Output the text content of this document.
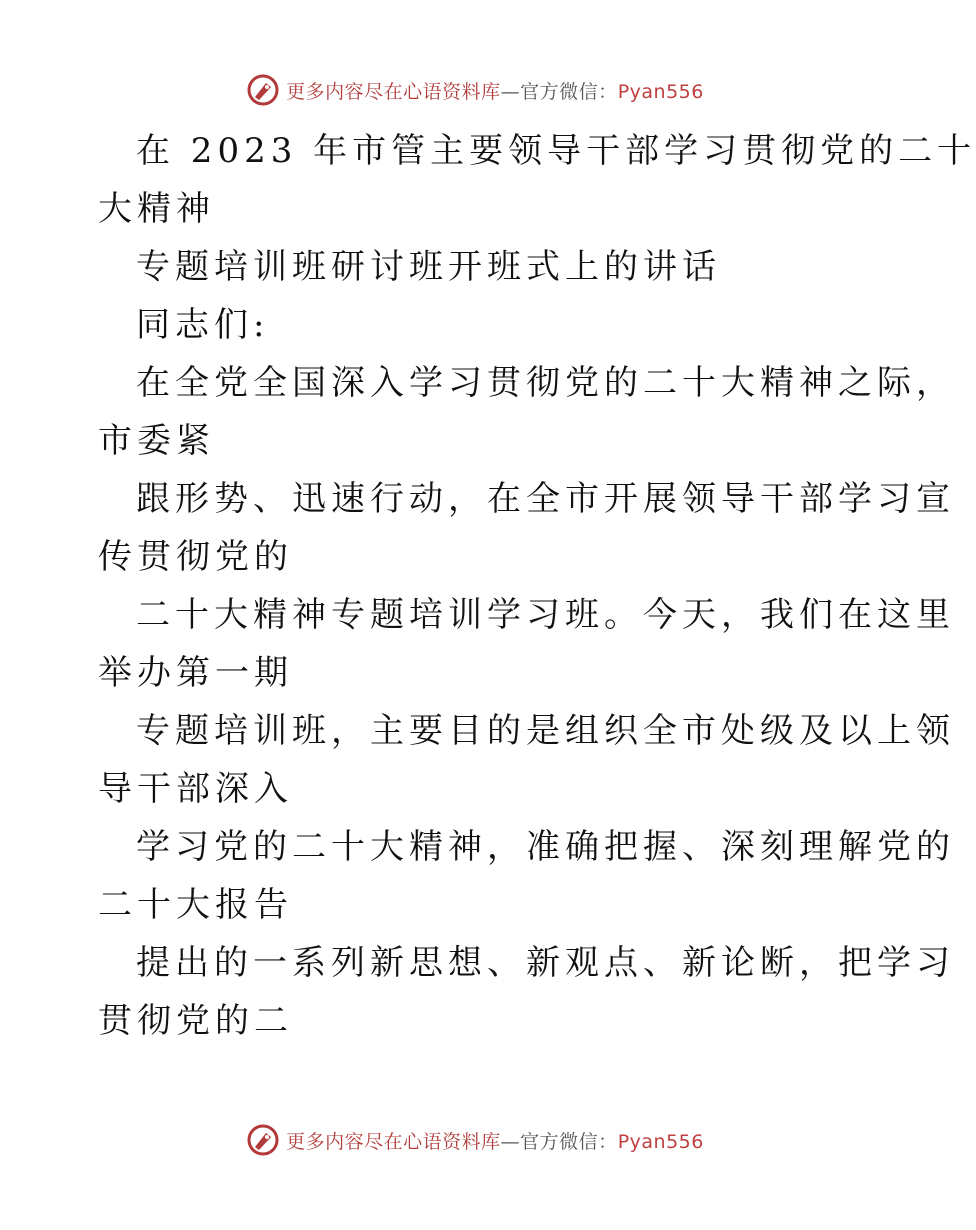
更多内容尽在心语资料库—官方微信：Pyan556
在 2023 年市管主要领导干部学习贯彻党的二十
大精神
专题培训班研讨班开班式上的讲话
同志们:
在全党全国深入学习贯彻党的二十大精神之际，
市委紧
跟形势、迅速行动，在全市开展领导干部学习宣
传贯彻党的
二十大精神专题培训学习班。今天，我们在这里
举办第一期
专题培训班，主要目的是组织全市处级及以上领
导干部深入
学习党的二十大精神，准确把握、深刻理解党的
二十大报告
提出的一系列新思想、新观点、新论断，把学习
贯彻党的二
更多内容尽在心语资料库—官方微信：Pyan556
